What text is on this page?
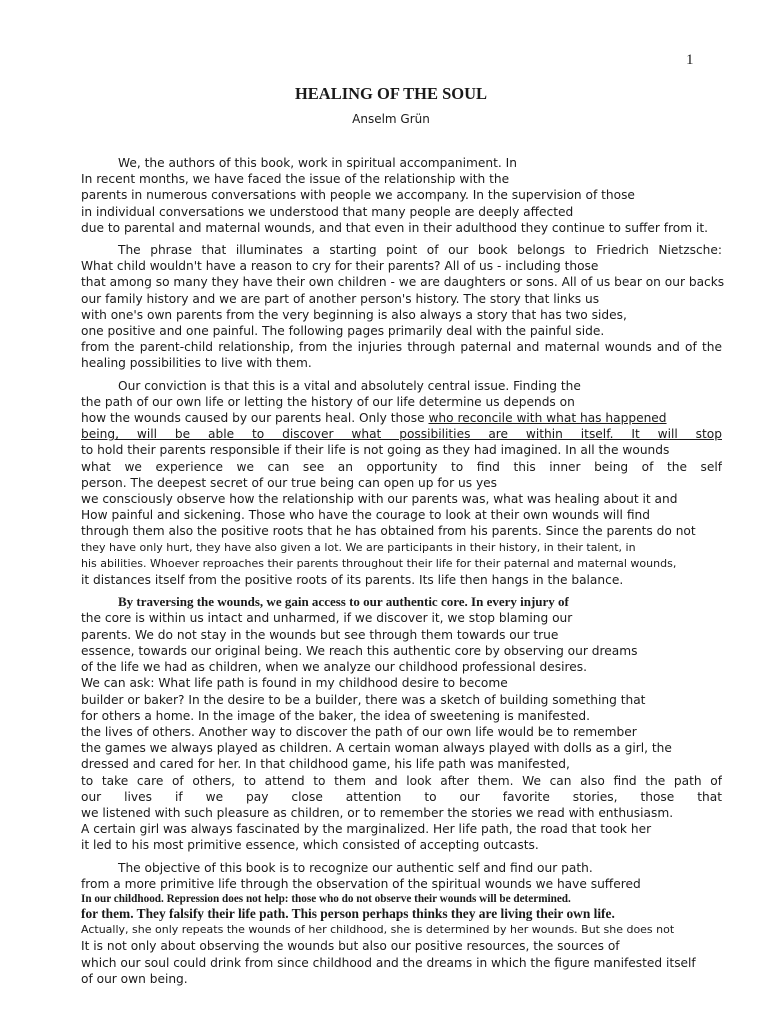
1
HEALING OF THE SOUL
Anselm Grün
We, the authors of this book, work in spiritual accompaniment. In
In recent months, we have faced the issue of the relationship with the
parents in numerous conversations with people we accompany. In the supervision of those
in individual conversations we understood that many people are deeply affected
due to parental and maternal wounds, and that even in their adulthood they continue to suffer from it.
The phrase that illuminates a starting point of our book belongs to Friedrich Nietzsche:
What child wouldn't have a reason to cry for their parents? All of us - including those
that among so many they have their own children - we are daughters or sons. All of us bear on our backs
our family history and we are part of another person's history. The story that links us
with one's own parents from the very beginning is also always a story that has two sides,
one positive and one painful. The following pages primarily deal with the painful side.
from the parent-child relationship, from the injuries through paternal and maternal wounds and of the
healing possibilities to live with them.
Our conviction is that this is a vital and absolutely central issue. Finding the
the path of our own life or letting the history of our life determine us depends on
how the wounds caused by our parents heal. Only those who reconcile with what has happened
being, will be able to discover what possibilities are within itself. It will stop
to hold their parents responsible if their life is not going as they had imagined. In all the wounds
what we experience we can see an opportunity to find this inner being of the self
person. The deepest secret of our true being can open up for us yes
we consciously observe how the relationship with our parents was, what was healing about it and
How painful and sickening. Those who have the courage to look at their own wounds will find
through them also the positive roots that he has obtained from his parents. Since the parents do not
they have only hurt, they have also given a lot. We are participants in their history, in their talent, in
his abilities. Whoever reproaches their parents throughout their life for their paternal and maternal wounds,
it distances itself from the positive roots of its parents. Its life then hangs in the balance.
By traversing the wounds, we gain access to our authentic core. In every injury of
the core is within us intact and unharmed, if we discover it, we stop blaming our
parents. We do not stay in the wounds but see through them towards our true
essence, towards our original being. We reach this authentic core by observing our dreams
of the life we had as children, when we analyze our childhood professional desires.
We can ask: What life path is found in my childhood desire to become
builder or baker? In the desire to be a builder, there was a sketch of building something that
for others a home. In the image of the baker, the idea of sweetening is manifested.
the lives of others. Another way to discover the path of our own life would be to remember
the games we always played as children. A certain woman always played with dolls as a girl, the
dressed and cared for her. In that childhood game, his life path was manifested,
to take care of others, to attend to them and look after them. We can also find the path of
our lives if we pay close attention to our favorite stories, those that
we listened with such pleasure as children, or to remember the stories we read with enthusiasm.
A certain girl was always fascinated by the marginalized. Her life path, the road that took her
it led to his most primitive essence, which consisted of accepting outcasts.
The objective of this book is to recognize our authentic self and find our path.
from a more primitive life through the observation of the spiritual wounds we have suffered
In our childhood. Repression does not help: those who do not observe their wounds will be determined.
for them. They falsify their life path. This person perhaps thinks they are living their own life.
Actually, she only repeats the wounds of her childhood, she is determined by her wounds. But she does not
It is not only about observing the wounds but also our positive resources, the sources of
which our soul could drink from since childhood and the dreams in which the figure manifested itself
of our own being.
